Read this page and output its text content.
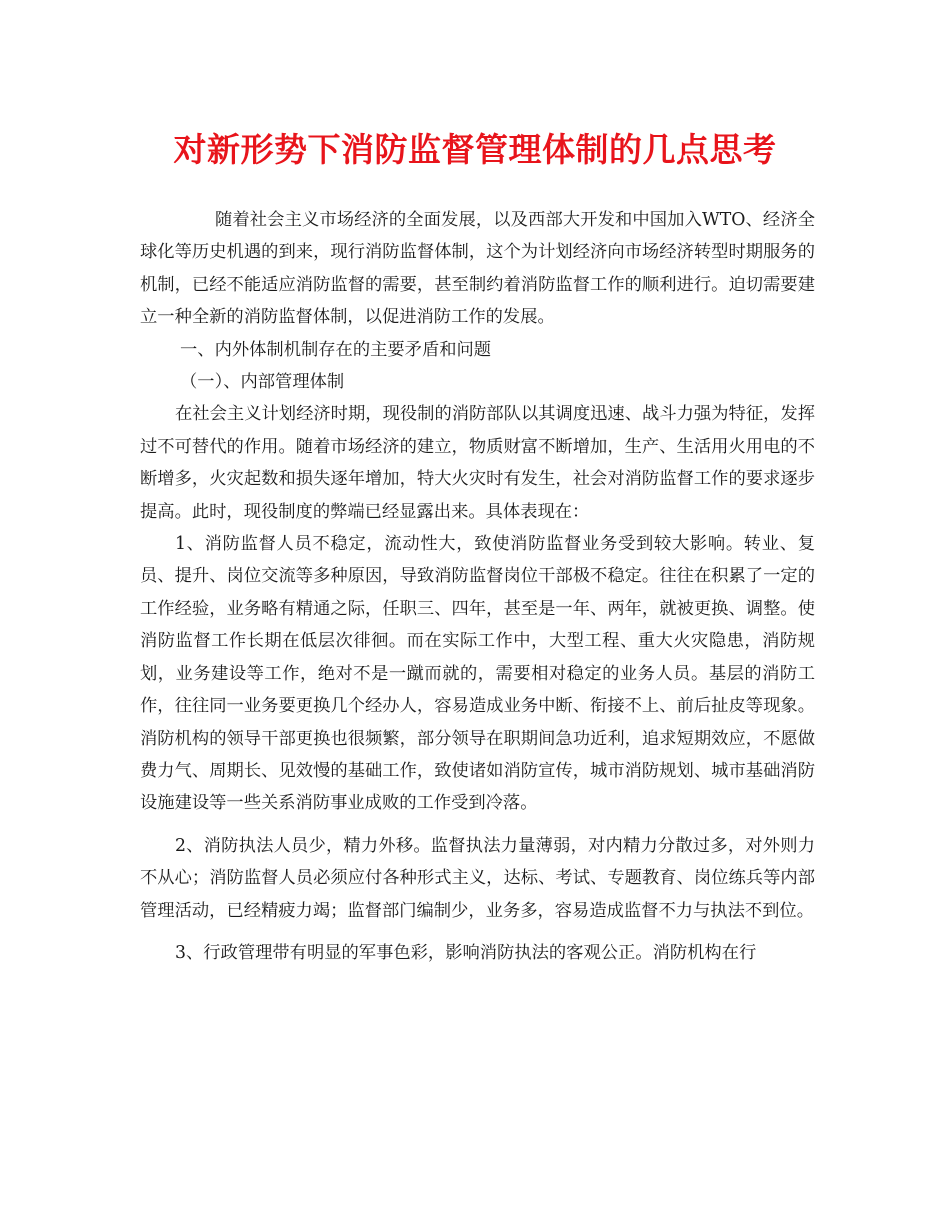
对新形势下消防监督管理体制的几点思考

随着社会主义市场经济的全面发展，以及西部大开发和中国加入WTO、经济全球化等历史机遇的到来，现行消防监督体制，这个为计划经济向市场经济转型时期服务的机制，已经不能适应消防监督的需要，甚至制约着消防监督工作的顺利进行。迫切需要建立一种全新的消防监督体制，以促进消防工作的发展。

一、内外体制机制存在的主要矛盾和问题

（一）、内部管理体制

在社会主义计划经济时期，现役制的消防部队以其调度迅速、战斗力强为特征，发挥过不可替代的作用。随着市场经济的建立，物质财富不断增加，生产、生活用火用电的不断增多，火灾起数和损失逐年增加，特大火灾时有发生，社会对消防监督工作的要求逐步提高。此时，现役制度的弊端已经显露出来。具体表现在：

1、消防监督人员不稳定，流动性大，致使消防监督业务受到较大影响。转业、复员、提升、岗位交流等多种原因，导致消防监督岗位干部极不稳定。往往在积累了一定的工作经验，业务略有精通之际，任职三、四年，甚至是一年、两年，就被更换、调整。使消防监督工作长期在低层次徘徊。而在实际工作中，大型工程、重大火灾隐患，消防规划，业务建设等工作，绝对不是一蹴而就的，需要相对稳定的业务人员。基层的消防工作，往往同一业务要更换几个经办人，容易造成业务中断、衔接不上、前后扯皮等现象。消防机构的领导干部更换也很频繁，部分领导在职期间急功近利，追求短期效应，不愿做费力气、周期长、见效慢的基础工作，致使诸如消防宣传，城市消防规划、城市基础消防设施建设等一些关系消防事业成败的工作受到冷落。

2、消防执法人员少，精力外移。监督执法力量薄弱，对内精力分散过多，对外则力不从心；消防监督人员必须应付各种形式主义，达标、考试、专题教育、岗位练兵等内部管理活动，已经精疲力竭；监督部门编制少，业务多，容易造成监督不力与执法不到位。

3、行政管理带有明显的军事色彩，影响消防执法的客观公正。消防机构在行
